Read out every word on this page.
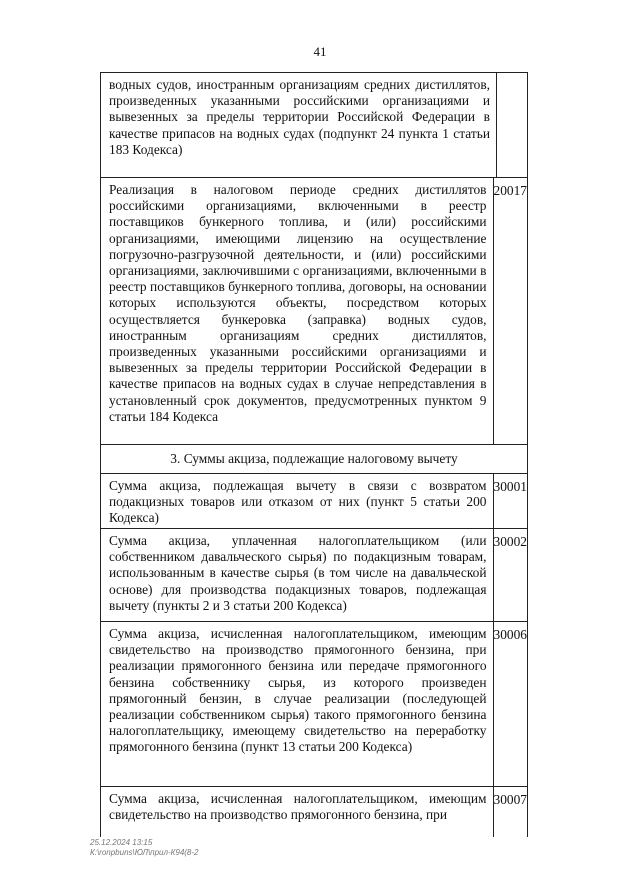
41
водных судов, иностранным организациям средних дистиллятов, произведенных указанными российскими организациями и вывезенных за пределы территории Российской Федерации в качестве припасов на водных судах (подпункт 24 пункта 1 статьи 183 Кодекса)
Реализация в налоговом периоде средних дистиллятов российскими организациями, включенными в реестр поставщиков бункерного топлива, и (или) российскими организациями, имеющими лицензию на осуществление погрузочно-разгрузочной деятельности, и (или) российскими организациями, заключившими с организациями, включенными в реестр поставщиков бункерного топлива, договоры, на основании которых используются объекты, посредством которых осуществляется бункеровка (заправка) водных судов, иностранным организациям средних дистиллятов, произведенных указанными российскими организациями и вывезенных за пределы территории Российской Федерации в качестве припасов на водных судах в случае непредставления в установленный срок документов, предусмотренных пунктом 9 статьи 184 Кодекса
20017
3. Суммы акциза, подлежащие налоговому вычету
Сумма акциза, подлежащая вычету в связи с возвратом подакцизных товаров или отказом от них (пункт 5 статьи 200 Кодекса)
30001
Сумма акциза, уплаченная налогоплательщиком (или собственником давальческого сырья) по подакцизным товарам, использованным в качестве сырья (в том числе на давальческой основе) для производства подакцизных товаров, подлежащая вычету (пункты 2 и 3 статьи 200 Кодекса)
30002
Сумма акциза, исчисленная налогоплательщиком, имеющим свидетельство на производство прямогонного бензина, при реализации прямогонного бензина или передаче прямогонного бензина собственнику сырья, из которого произведен прямогонный бензин, в случае реализации (последующей реализации собственником сырья) такого прямогонного бензина налогоплательщику, имеющему свидетельство на переработку прямогонного бензина (пункт 13 статьи 200 Кодекса)
30006
Сумма акциза, исчисленная налогоплательщиком, имеющим свидетельство на производство прямогонного бензина, при
30007
25.12.2024 13:15
К:\ronpbuns\ЮЛ\прил-К94(8-2
